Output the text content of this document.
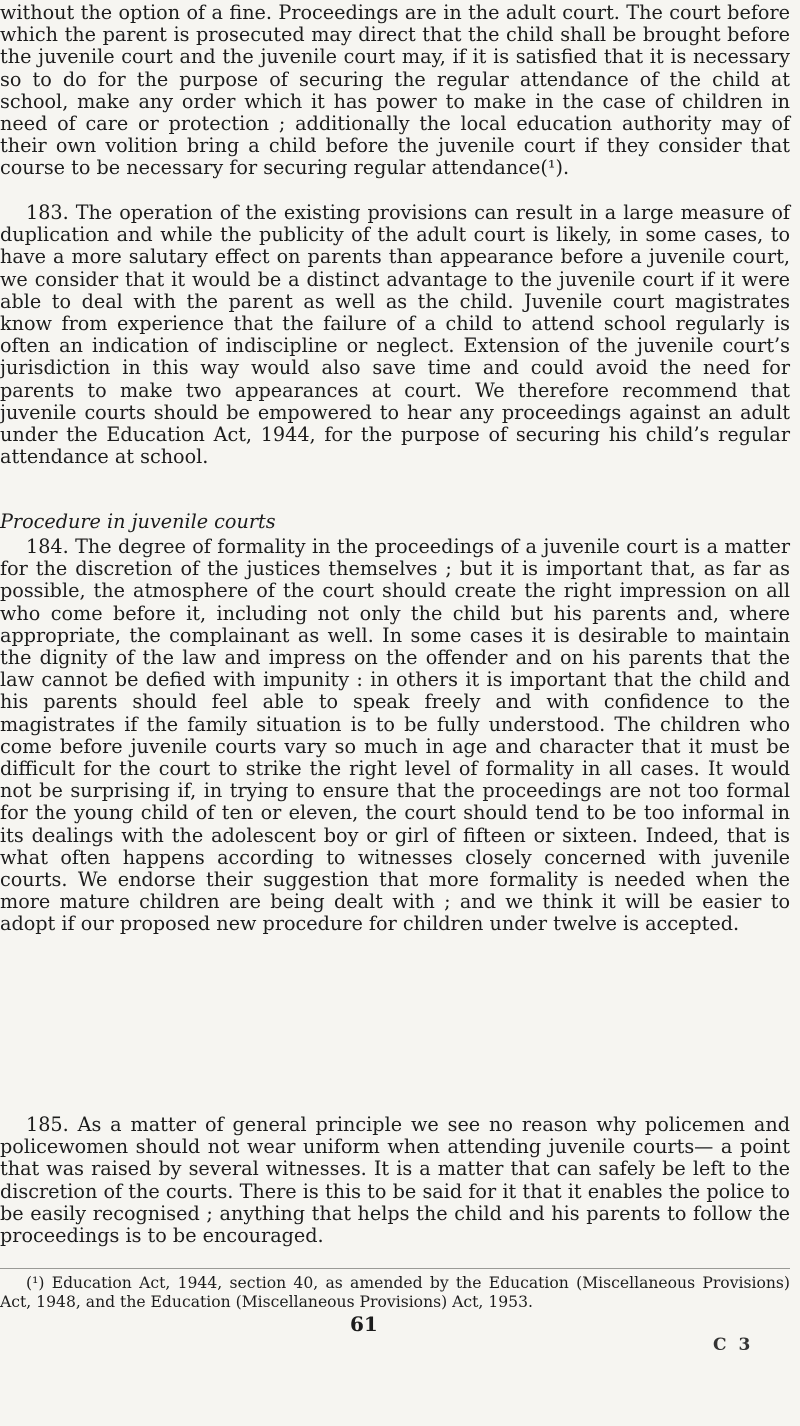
without the option of a fine. Proceedings are in the adult court. The court before which the parent is prosecuted may direct that the child shall be brought before the juvenile court and the juvenile court may, if it is satisfied that it is necessary so to do for the purpose of securing the regular attendance of the child at school, make any order which it has power to make in the case of children in need of care or protection ; additionally the local education authority may of their own volition bring a child before the juvenile court if they consider that course to be necessary for securing regular attendance(¹).

183. The operation of the existing provisions can result in a large measure of duplication and while the publicity of the adult court is likely, in some cases, to have a more salutary effect on parents than appearance before a juvenile court, we consider that it would be a distinct advantage to the juvenile court if it were able to deal with the parent as well as the child. Juvenile court magistrates know from experience that the failure of a child to attend school regularly is often an indication of indiscipline or neglect. Extension of the juvenile court’s jurisdiction in this way would also save time and could avoid the need for parents to make two appearances at court. We therefore recommend that juvenile courts should be empowered to hear any proceedings against an adult under the Education Act, 1944, for the purpose of securing his child’s regular attendance at school.

Procedure in juvenile courts

184. The degree of formality in the proceedings of a juvenile court is a matter for the discretion of the justices themselves ; but it is important that, as far as possible, the atmosphere of the court should create the right impression on all who come before it, including not only the child but his parents and, where appropriate, the complainant as well. In some cases it is desirable to maintain the dignity of the law and impress on the offender and on his parents that the law cannot be defied with impunity : in others it is important that the child and his parents should feel able to speak freely and with confidence to the magistrates if the family situation is to be fully understood. The children who come before juvenile courts vary so much in age and character that it must be difficult for the court to strike the right level of formality in all cases. It would not be surprising if, in trying to ensure that the proceedings are not too formal for the young child of ten or eleven, the court should tend to be too informal in its dealings with the adolescent boy or girl of fifteen or sixteen. Indeed, that is what often happens according to witnesses closely concerned with juvenile courts. We endorse their suggestion that more formality is needed when the more mature children are being dealt with ; and we think it will be easier to adopt if our proposed new procedure for children under twelve is accepted.

185. As a matter of general principle we see no reason why policemen and policewomen should not wear uniform when attending juvenile courts— a point that was raised by several witnesses. It is a matter that can safely be left to the discretion of the courts. There is this to be said for it that it enables the police to be easily recognised ; anything that helps the child and his parents to follow the proceedings is to be encouraged.

(¹) Education Act, 1944, section 40, as amended by the Education (Miscellaneous Provisions) Act, 1948, and the Education (Miscellaneous Provisions) Act, 1953.

61

C 3
